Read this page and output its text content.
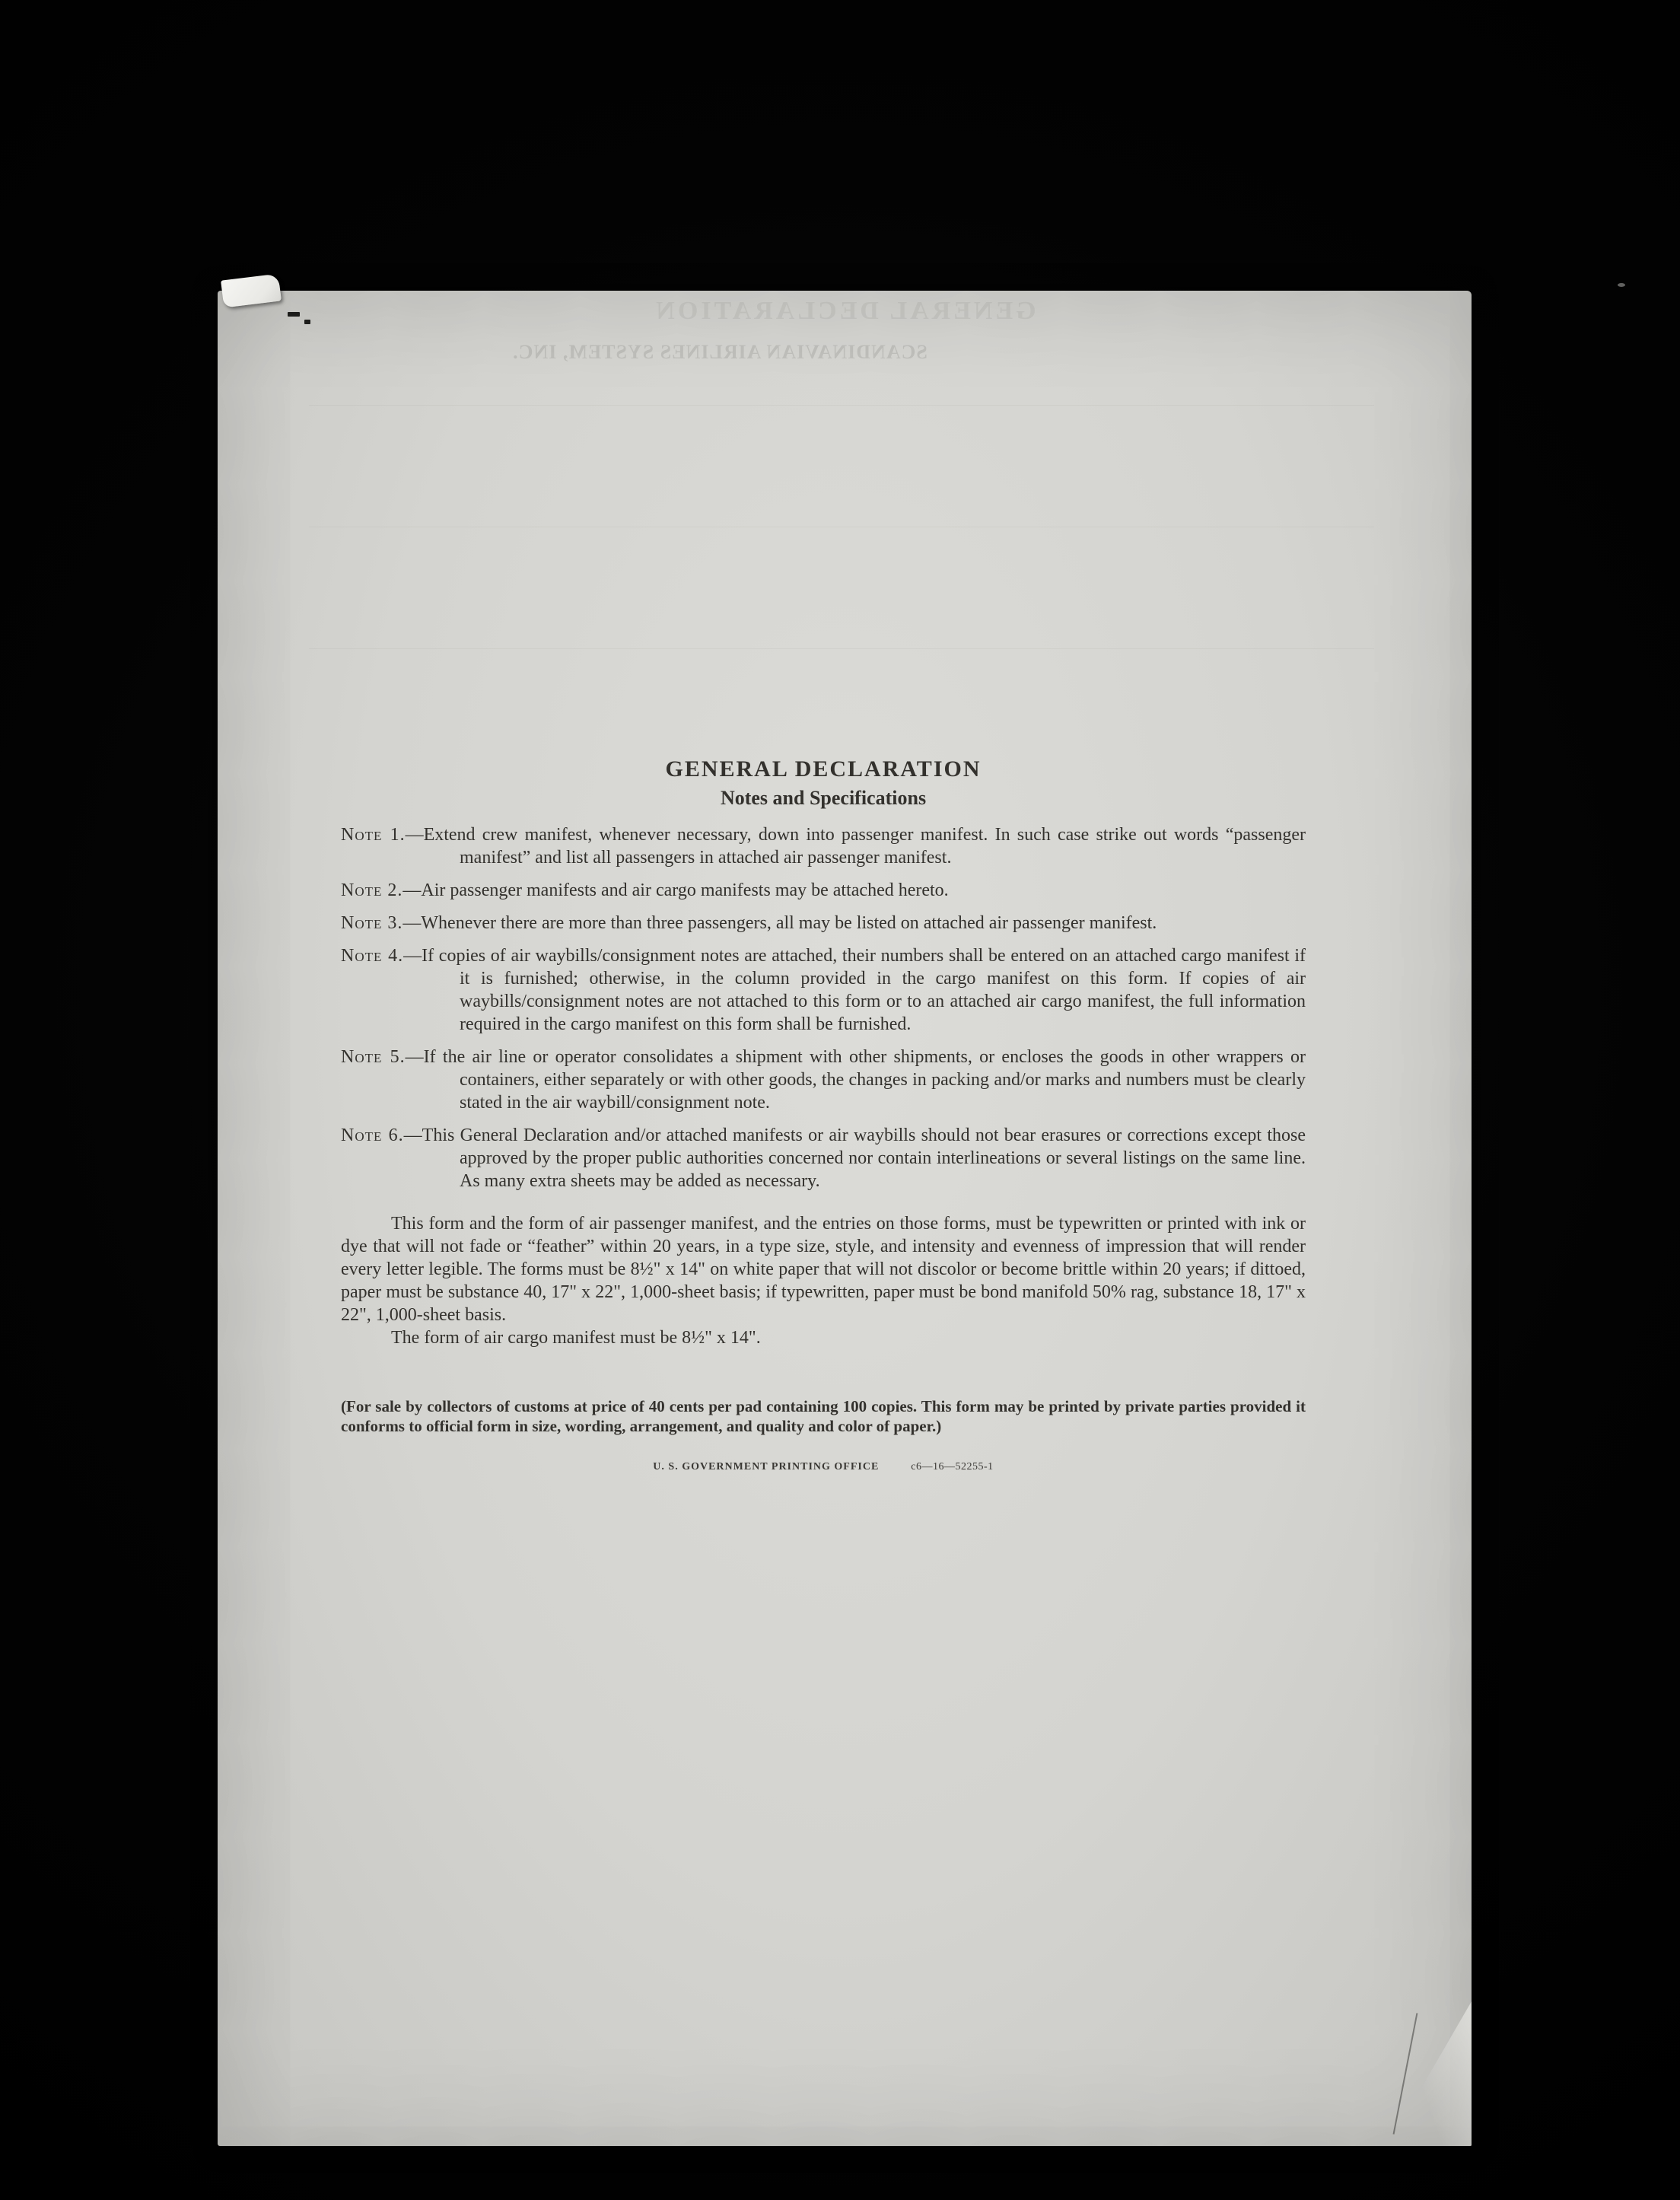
GENERAL DECLARATION
SCANDINAVIAN AIRLINES SYSTEM, INC.
GENERAL DECLARATION
Notes and Specifications
Note 1.—Extend crew manifest, whenever necessary, down into passenger manifest. In such case strike out words “passenger manifest” and list all passengers in attached air passenger manifest.
Note 2.—Air passenger manifests and air cargo manifests may be attached hereto.
Note 3.—Whenever there are more than three passengers, all may be listed on attached air passenger manifest.
Note 4.—If copies of air waybills/consignment notes are attached, their numbers shall be entered on an attached cargo manifest if it is furnished; otherwise, in the column provided in the cargo manifest on this form. If copies of air waybills/consignment notes are not attached to this form or to an attached air cargo manifest, the full information required in the cargo manifest on this form shall be furnished.
Note 5.—If the air line or operator consolidates a shipment with other shipments, or encloses the goods in other wrappers or containers, either separately or with other goods, the changes in packing and/or marks and numbers must be clearly stated in the air waybill/consignment note.
Note 6.—This General Declaration and/or attached manifests or air waybills should not bear erasures or corrections except those approved by the proper public authorities concerned nor contain interlineations or several listings on the same line. As many extra sheets may be added as necessary.
This form and the form of air passenger manifest, and the entries on those forms, must be typewritten or printed with ink or dye that will not fade or “feather” within 20 years, in a type size, style, and intensity and evenness of impression that will render every letter legible. The forms must be 8½" x 14" on white paper that will not discolor or become brittle within 20 years; if dittoed, paper must be substance 40, 17" x 22", 1,000-sheet basis; if typewritten, paper must be bond manifold 50% rag, substance 18, 17" x 22", 1,000-sheet basis.
The form of air cargo manifest must be 8½" x 14".
(For sale by collectors of customs at price of 40 cents per pad containing 100 copies. This form may be printed by private parties provided it conforms to official form in size, wording, arrangement, and quality and color of paper.)
U. S. GOVERNMENT PRINTING OFFICE	c6—16—52255-1
